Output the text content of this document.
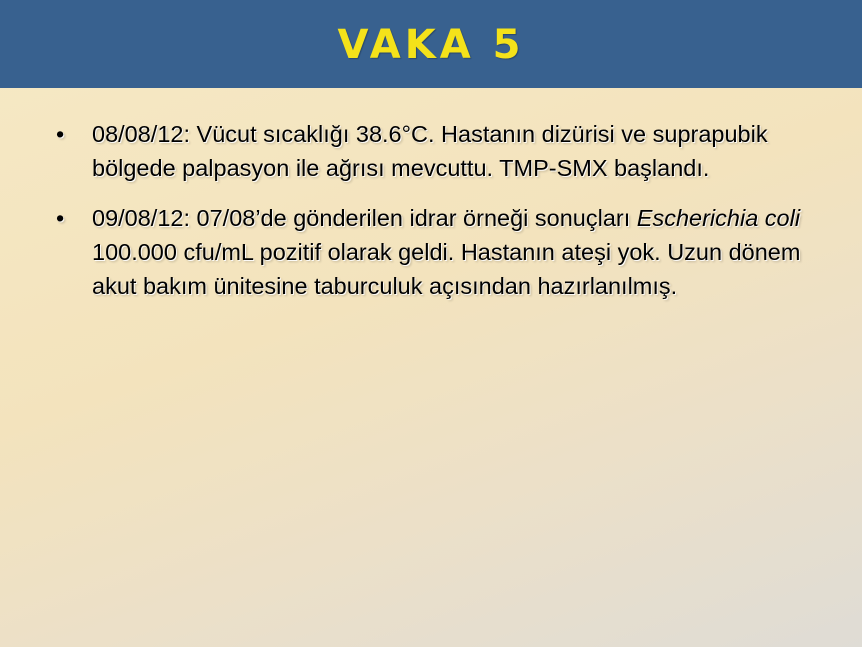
VAKA 5
•	08/08/12: Vücut sıcaklığı 38.6°C. Hastanın dizürisi ve suprapubik bölgede palpasyon ile ağrısı mevcuttu. TMP-SMX başlandı.
•	09/08/12: 07/08’de gönderilen idrar örneği sonuçları Escherichia coli 100.000 cfu/mL pozitif olarak geldi. Hastanın ateşi yok. Uzun dönem akut bakım ünitesine taburculuk açısından hazırlanılmış.
